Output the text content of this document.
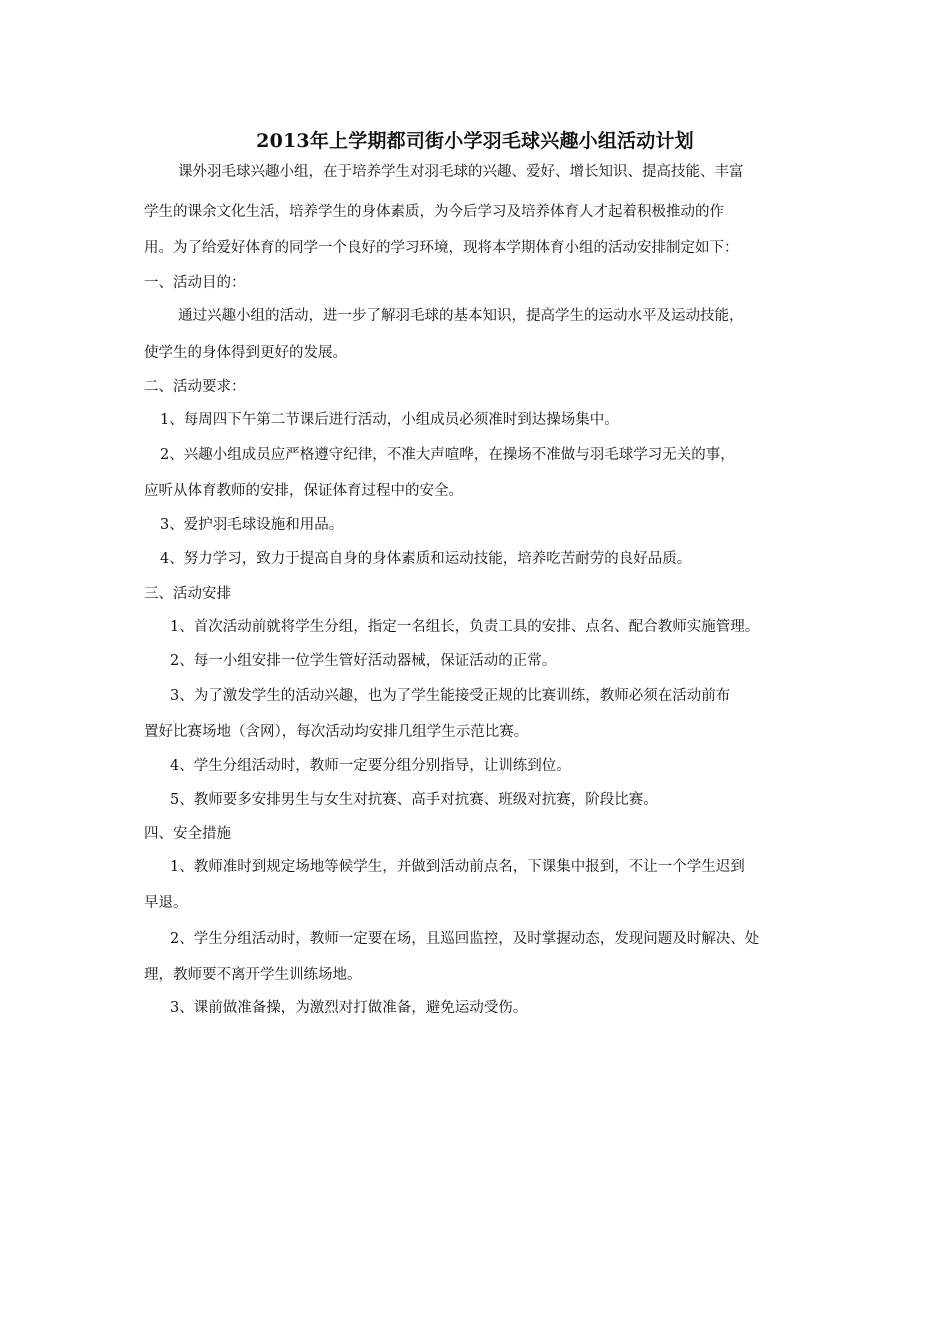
2013年上学期都司街小学羽毛球兴趣小组活动计划
课外羽毛球兴趣小组，在于培养学生对羽毛球的兴趣、爱好、增长知识、提高技能、丰富
学生的课余文化生活，培养学生的身体素质，为今后学习及培养体育人才起着积极推动的作
用。为了给爱好体育的同学一个良好的学习环境，现将本学期体育小组的活动安排制定如下：
一、活动目的：
通过兴趣小组的活动，进一步了解羽毛球的基本知识，提高学生的运动水平及运动技能，
使学生的身体得到更好的发展。
二、活动要求：
1、每周四下午第二节课后进行活动，小组成员必须准时到达操场集中。
2、兴趣小组成员应严格遵守纪律，不准大声喧哗，在操场不准做与羽毛球学习无关的事，
应听从体育教师的安排，保证体育过程中的安全。
3、爱护羽毛球设施和用品。
4、努力学习，致力于提高自身的身体素质和运动技能，培养吃苦耐劳的良好品质。
三、活动安排
1、首次活动前就将学生分组，指定一名组长，负责工具的安排、点名、配合教师实施管理。
2、每一小组安排一位学生管好活动器械，保证活动的正常。
3、为了激发学生的活动兴趣，也为了学生能接受正规的比赛训练，教师必须在活动前布
置好比赛场地（含网），每次活动均安排几组学生示范比赛。
4、学生分组活动时，教师一定要分组分别指导，让训练到位。
5、教师要多安排男生与女生对抗赛、高手对抗赛、班级对抗赛，阶段比赛。
四、安全措施
1、教师准时到规定场地等候学生，并做到活动前点名，下课集中报到，不让一个学生迟到
早退。
2、学生分组活动时，教师一定要在场，且巡回监控，及时掌握动态，发现问题及时解决、处
理，教师要不离开学生训练场地。
3、课前做准备操，为激烈对打做准备，避免运动受伤。
